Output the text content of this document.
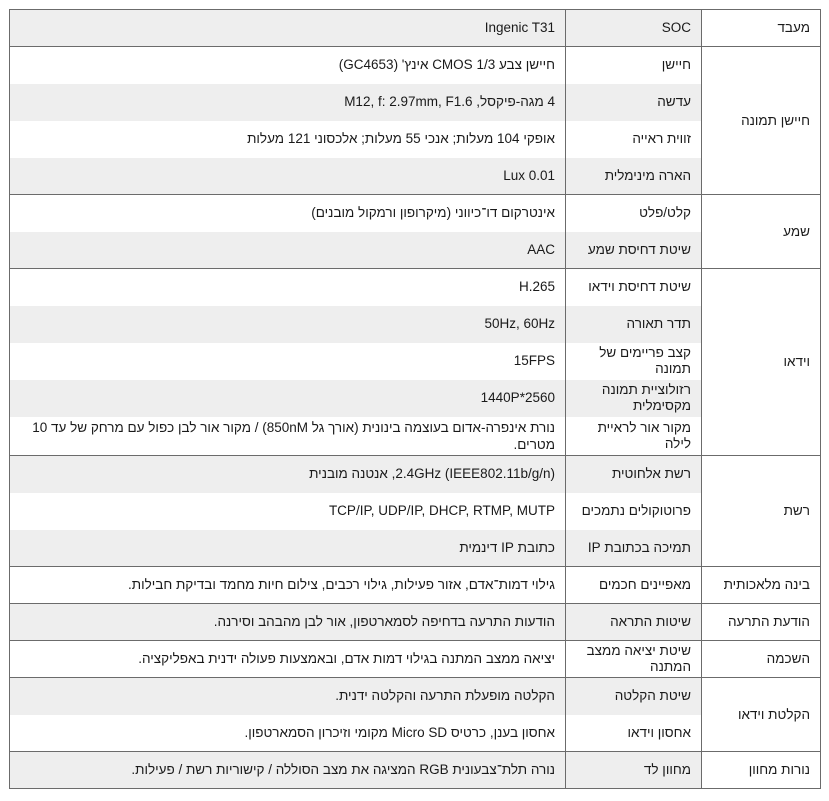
מעבד	SOC	Ingenic T31
חיישן תמונה	חיישן	חיישן צבע CMOS 1/3 אינץ' (GC4653)
	עדשה	4 מגה-פיקסל, M12, f: 2.97mm, F1.6
	זווית ראייה	אופקי 104 מעלות; אנכי 55 מעלות; אלכסוני 121 מעלות
	הארה מינימלית	Lux 0.01
שמע	קלט/פלט	אינטרקום דו־כיווני (מיקרופון ורמקול מובנים)
	שיטת דחיסת שמע	AAC
וידאו	שיטת דחיסת וידאו	H.265
	תדר תאורה	50Hz, 60Hz
	קצב פריימים של תמונה	15FPS
	רזולוציית תמונה מקסימלית	2560*1440P
	מקור אור לראיית לילה	נורת אינפרה-אדום בעוצמה בינונית (אורך גל 850nM) / מקור אור לבן כפול עם מרחק של עד 10 מטרים.
רשת	רשת אלחוטית	2.4GHz (IEEE802.11b/g/n), אנטנה מובנית
	פרוטוקולים נתמכים	TCP/IP, UDP/IP, DHCP, RTMP, MUTP
	תמיכה בכתובת IP	כתובת IP דינמית
בינה מלאכותית	מאפיינים חכמים	גילוי דמות־אדם, אזור פעילות, גילוי רכבים, צילום חיות מחמד ובדיקת חבילות.
הודעת התרעה	שיטות התראה	הודעות התרעה בדחיפה לסמארטפון, אור לבן מהבהב וסירנה.
השכמה	שיטת יציאה ממצב המתנה	יציאה ממצב המתנה בגילוי דמות אדם, ובאמצעות פעולה ידנית באפליקציה.
הקלטת וידאו	שיטת הקלטה	הקלטה מופעלת התרעה והקלטה ידנית.
	אחסון וידאו	אחסון בענן, כרטיס Micro SD מקומי וזיכרון הסמארטפון.
נורות מחוון	מחוון לד	נורה תלת־צבעונית RGB המציגה את מצב הסוללה / קישוריות רשת / פעילות.
